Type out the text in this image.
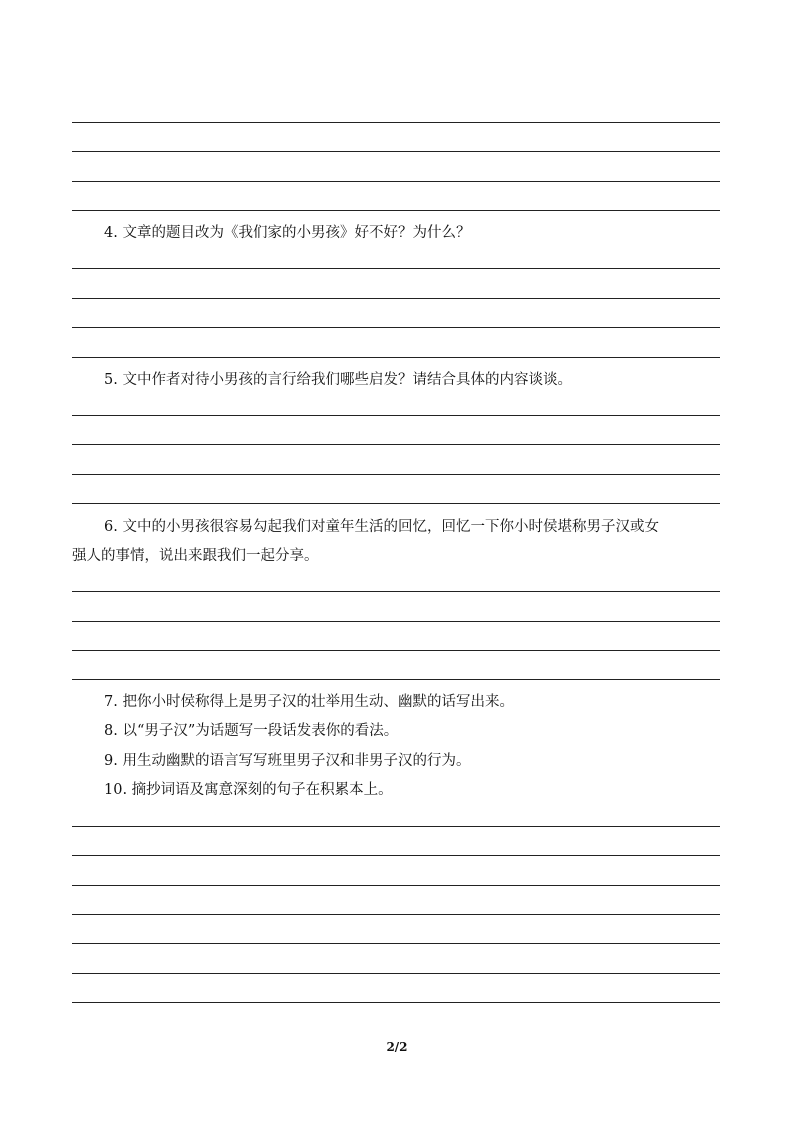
4. 文章的题目改为《我们家的小男孩》好不好？为什么？
5. 文中作者对待小男孩的言行给我们哪些启发？请结合具体的内容谈谈。
6. 文中的小男孩很容易勾起我们对童年生活的回忆，回忆一下你小时侯堪称男子汉或女
强人的事情，说出来跟我们一起分享。
7. 把你小时侯称得上是男子汉的壮举用生动、幽默的话写出来。
8. 以“男子汉”为话题写一段话发表你的看法。
9. 用生动幽默的语言写写班里男子汉和非男子汉的行为。
10. 摘抄词语及寓意深刻的句子在积累本上。
2/2
